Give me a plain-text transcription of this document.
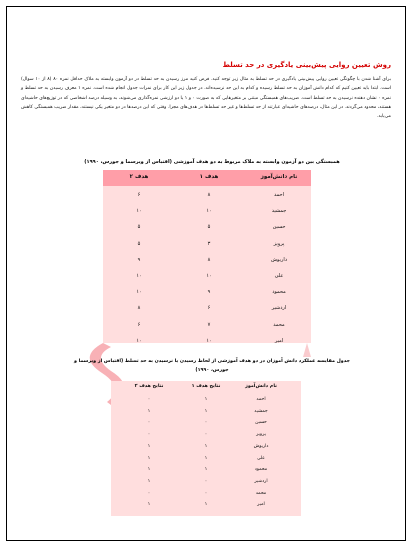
روش تعیین روایی پیش‌بینی یادگیری در حد تسلط
برای آشنا شدن با چگونگی تعیین روایی پیش‌بینی یادگیری در حد تسلط به مثال زیر توجه کنید. فرض کنید مرز رسیدن به حد تسلط در دو آزمون وابسته به ملاک حداقل نمره ۸۰ (۸ از ۱۰ سوال) است. ابتدا باید تعیین کنیم که کدام دانش آموزان به حد تسلط رسیده و کدام به این حد نرسیده‌اند. در جدول زیر این کار برای نمرات جدول انجام شده است. نمره ۱ معرف رسیدن به حد تسلط و نمره ۰ نشان دهنده نرسیدن به حد تسلط است. ضریب‌های همبستگی مبتنی بر متغیرهایی که به صورت ۰ و ۱ یا دو ارزشی نمره‌گذاری می‌شوند، به وسیله درصد اشخاصی که در توزیع‌های حاشیه‌ای هستند، محدود می‌گردند. در این مثال، درصدهای حاشیه‌ای عبارتند از حد تسلط‌ها و غیر حد تسلط‌ها در هدف‌های مجزا. وقتی که این درصدها در دو متغیر یکی نیستند، مقدار ضریب همبستگی کاهش می‌یابد.
همبستگی بین دو آزمون وابسته به ملاک مربوط به دو هدف آموزشی (اقتباس از ویرسما و جورس، ۱۹۹۰)
نام دانش‌آموز
هدف ۱
هدف ۲
احمد
۸
۶
جمشید
۱۰
۱۰
حسین
۵
۵
پرویز
۳
۵
داریوش
۸
۹
علی
۱۰
۱۰
محمود
۹
۱۰
اردشیر
۶
۸
محمد
۷
۶
امیر
۱۰
۱۰
جدول مقایسه عملکرد دانش آموزان در دو هدف آموزشی از لحاظ رسیدن یا نرسیدن به حد تسلط (اقتباس از ویرسما و جورس، ۱۹۹۰)
نام دانش‌آموز
نتایج هدف ۱
نتایج هدف ۲
احمد
۱
۰
جمشید
۱
۱
حسین
۰
۰
پرویز
۰
۰
داریوش
۱
۱
علی
۱
۱
محمود
۱
۱
اردشیر
۰
۱
محمد
۰
۰
امیر
۱
۱
